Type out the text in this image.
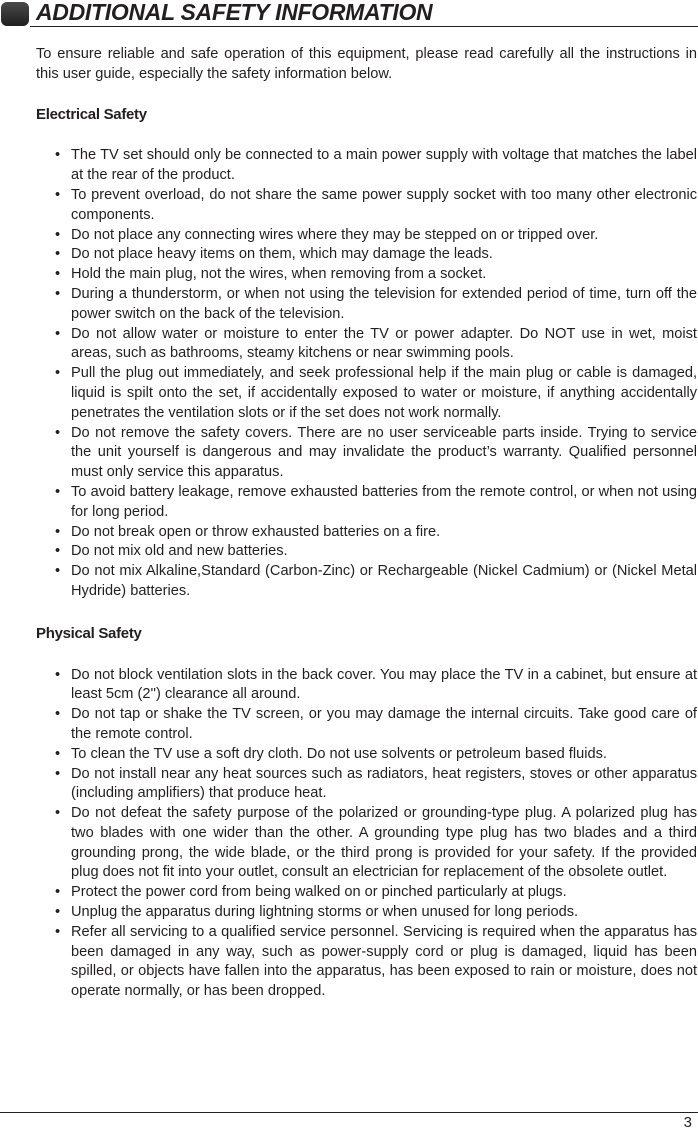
ADDITIONAL SAFETY INFORMATION

To ensure reliable and safe operation of this equipment, please read carefully all the instructions in this user guide, especially the safety information below.

Electrical Safety
• The TV set should only be connected to a main power supply with voltage that matches the label at the rear of the product.
• To prevent overload, do not share the same power supply socket with too many other electronic components.
• Do not place any connecting wires where they may be stepped on or tripped over.
• Do not place heavy items on them, which may damage the leads.
• Hold the main plug, not the wires, when removing from a socket.
• During a thunderstorm, or when not using the television for extended period of time, turn off the power switch on the back of the television.
• Do not allow water or moisture to enter the TV or power adapter. Do NOT use in wet, moist areas, such as bathrooms, steamy kitchens or near swimming pools.
• Pull the plug out immediately, and seek professional help if the main plug or cable is damaged, liquid is spilt onto the set, if accidentally exposed to water or moisture, if anything accidentally penetrates the ventilation slots or if the set does not work normally.
• Do not remove the safety covers. There are no user serviceable parts inside. Trying to service the unit yourself is dangerous and may invalidate the product’s warranty. Qualified personnel must only service this apparatus.
• To avoid battery leakage, remove exhausted batteries from the remote control, or when not using for long period.
• Do not break open or throw exhausted batteries on a fire.
• Do not mix old and new batteries.
• Do not mix Alkaline,Standard (Carbon-Zinc) or Rechargeable (Nickel Cadmium) or (Nickel Metal Hydride) batteries.
Physical Safety
• Do not block ventilation slots in the back cover. You may place the TV in a cabinet, but ensure at least 5cm (2'') clearance all around.
• Do not tap or shake the TV screen, or you may damage the internal circuits. Take good care of the remote control.
• To clean the TV use a soft dry cloth. Do not use solvents or petroleum based fluids.
• Do not install near any heat sources such as radiators, heat registers, stoves or other apparatus (including amplifiers) that produce heat.
• Do not defeat the safety purpose of the polarized or grounding-type plug. A polarized plug has two blades with one wider than the other. A grounding type plug has two blades and a third grounding prong, the wide blade, or the third prong is provided for your safety. If the provided plug does not fit into your outlet, consult an electrician for replacement of the obsolete outlet.
• Protect the power cord from being walked on or pinched particularly at plugs.
• Unplug the apparatus during lightning storms or when unused for long periods.
• Refer all servicing to a qualified service personnel. Servicing is required when the apparatus has been damaged in any way, such as power-supply cord or plug is damaged, liquid has been spilled, or objects have fallen into the apparatus, has been exposed to rain or moisture, does not operate normally, or has been dropped.
3
